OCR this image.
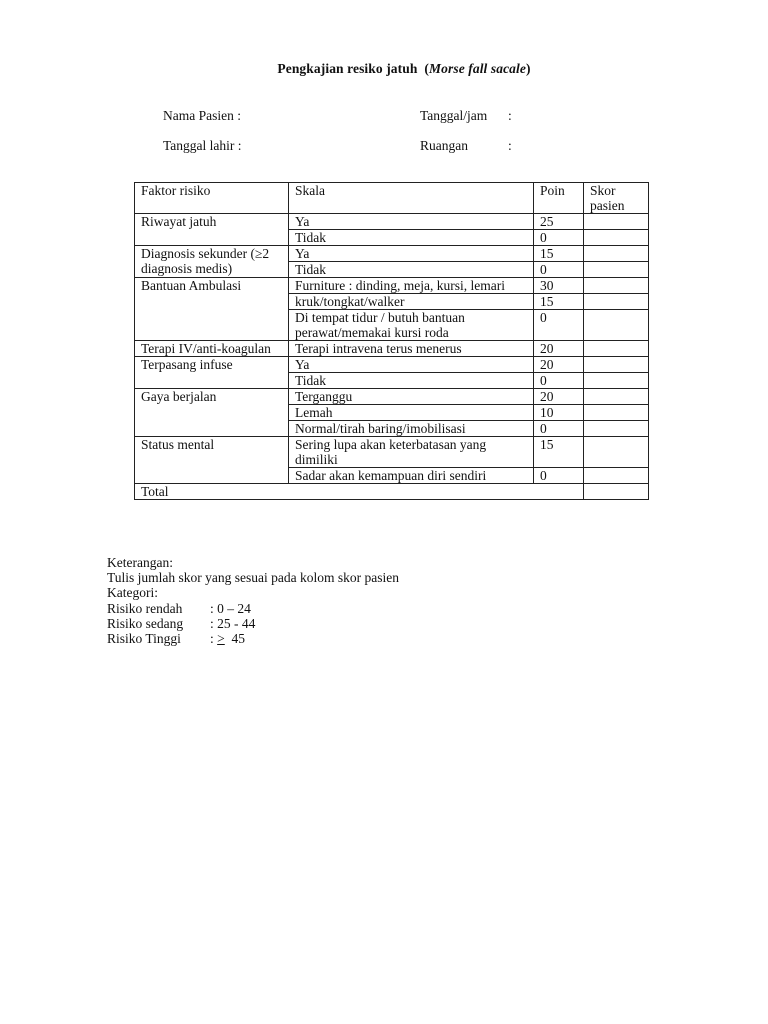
Pengkajian resiko jatuh (Morse fall sacale)
Nama Pasien :	Tanggal/jam :
Tanggal lahir :	Ruangan	:
Faktor risiko	Skala	Poin	Skor pasien
Riwayat jatuh	Ya	25	
	Tidak	0	
Diagnosis sekunder (≥2 diagnosis medis)	Ya	15	
	Tidak	0	
Bantuan Ambulasi	Furniture : dinding, meja, kursi, lemari	30	
	kruk/tongkat/walker	15	
	Di tempat tidur / butuh bantuan perawat/memakai kursi roda	0	
Terapi IV/anti-koagulan	Terapi intravena terus menerus	20	
Terpasang infuse	Ya	20	
	Tidak	0	
Gaya berjalan	Terganggu	20	
	Lemah	10	
	Normal/tirah baring/imobilisasi	0	
Status mental	Sering lupa akan keterbatasan yang dimiliki	15	
	Sadar akan kemampuan diri sendiri	0	
Total			
Keterangan:
Tulis jumlah skor yang sesuai pada kolom skor pasien
Kategori:
Risiko rendah : 0 – 24
Risiko sedang : 25 - 44
Risiko Tinggi : > 45
